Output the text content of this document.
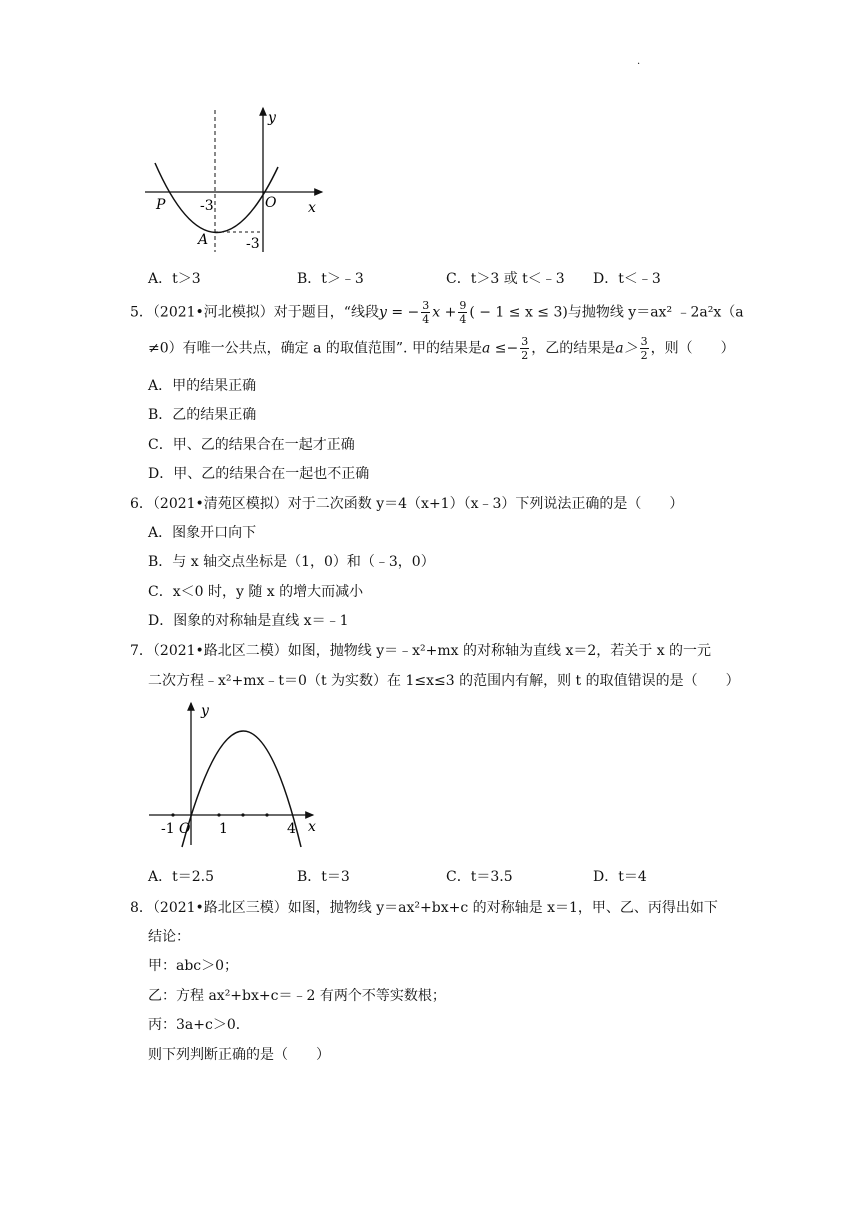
.
y
x
P	O
A
-3
-3
A．t＞3	B．t＞﹣3	C．t＞3 或 t＜﹣3 D．t＜﹣3
5．（2021•河北模拟）对于题目，“线段y = − $\frac{3}{4}$ $x + \frac{9}{4}$ ( − 1 ≤ x ≤ 3)与抛物线 y＝ax² ﹣2a²x（a
≠0）有唯一公共点，确定 a 的取值范围”. 甲的结果是$a \le- \frac{3}{2}$ ，乙的结果是$a> \frac{3}{2}$ ，则（　　）
A．甲的结果正确
B．乙的结果正确
C．甲、乙的结果合在一起才正确
D．甲、乙的结果合在一起也不正确
6．（2021•清苑区模拟）对于二次函数 y＝4（x+1）（x﹣3）下列说法正确的是（　　）
A．图象开口向下
B．与 x 轴交点坐标是（1，0）和（﹣3，0）
C．x＜0 时，y 随 x 的增大而减小
D．图象的对称轴是直线 x＝﹣1
7．（2021•路北区二模）如图，抛物线 y＝﹣x²+mx 的对称轴为直线 x＝2，若关于 x 的一元
二次方程﹣x²+mx﹣t＝0（t 为实数）在 1≤x≤3 的范围内有解，则 t 的取值错误的是（　　）
y
x
-1 O 1	4
A．t＝2.5	B．t＝3	C．t＝3.5	D．t＝4
8．（2021•路北区三模）如图，抛物线 y＝ax²+bx+c 的对称轴是 x＝1，甲、乙、丙得出如下
结论：
甲：abc＞0；
乙：方程 ax²+bx+c＝﹣2 有两个不等实数根；
丙：3a+c＞0．
则下列判断正确的是（　　）
